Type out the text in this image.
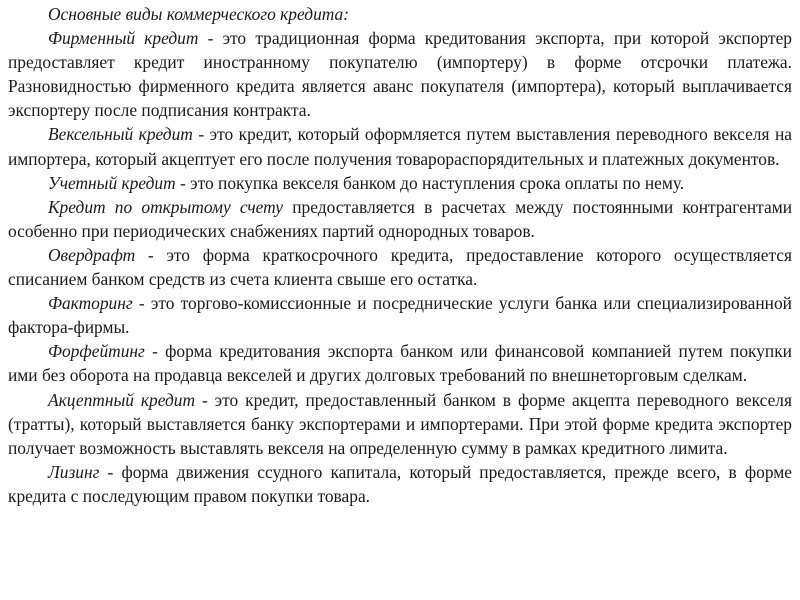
Основные виды коммерческого кредита:

Фирменный кредит - это традиционная форма кредитования экспорта, при которой экспортер предоставляет кредит иностранному покупателю (импортеру) в форме отсрочки платежа. Разновидностью фирменного кредита является аванс покупателя (импортера), который выплачивается экспортеру после подписания контракта.

Вексельный кредит - это кредит, который оформляется путем выставления переводного векселя на импортера, который акцептует его после получения товарораспорядительных и платежных документов.

Учетный кредит - это покупка векселя банком до наступления срока оплаты по нему.

Кредит по открытому счету предоставляется в расчетах между постоянными контрагентами особенно при периодических снабжениях партий однородных товаров.

Овердрафт - это форма краткосрочного кредита, предоставление которого осуществляется списанием банком средств из счета клиента свыше его остатка.

Факторинг - это торгово-комиссионные и посреднические услуги банка или специализированной фактора-фирмы.

Форфейтинг - форма кредитования экспорта банком или финансовой компанией путем покупки ими без оборота на продавца векселей и других долговых требований по внешнеторговым сделкам.

Акцептный кредит - это кредит, предоставленный банком в форме акцепта переводного векселя (тратты), который выставляется банку экспортерами и импортерами. При этой форме кредита экспортер получает возможность выставлять векселя на определенную сумму в рамках кредитного лимита.

Лизинг - форма движения ссудного капитала, который предоставляется, прежде всего, в форме кредита с последующим правом покупки товара.
